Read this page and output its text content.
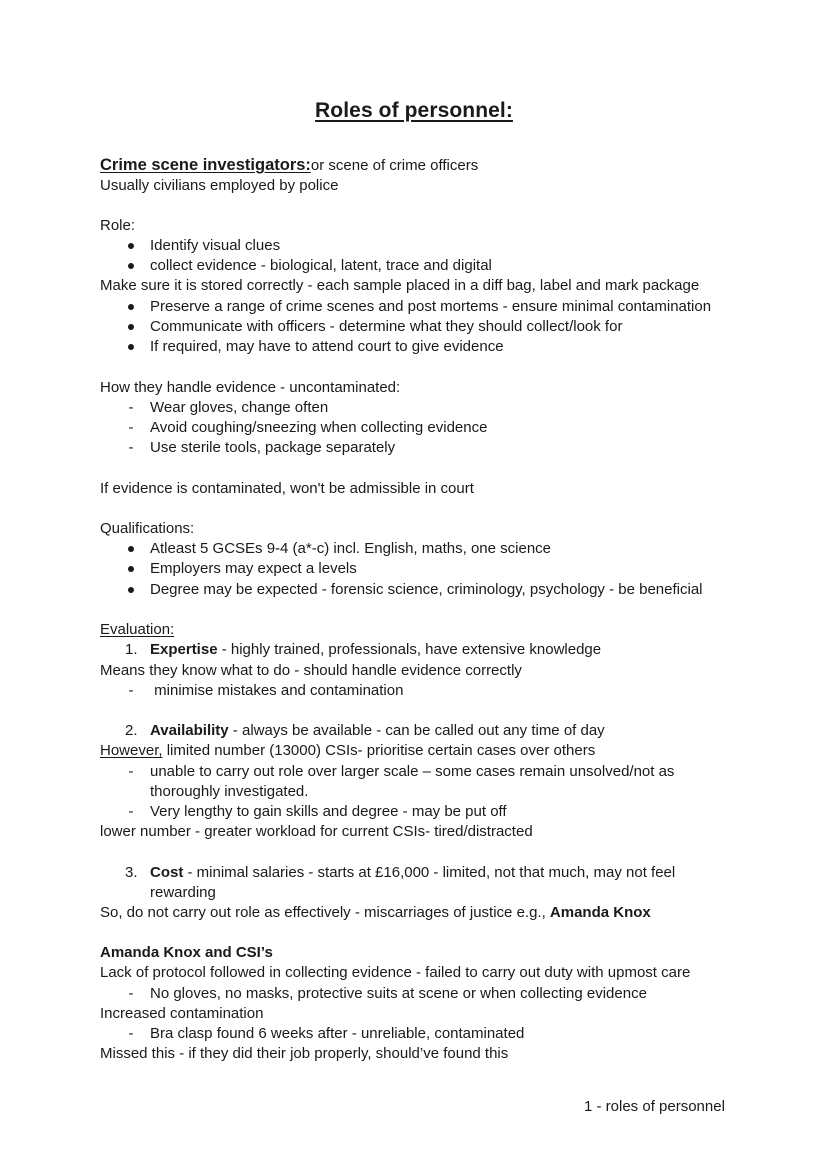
Roles of personnel:
Crime scene investigators:or scene of crime officers
Usually civilians employed by police
Role:
Identify visual clues
collect evidence - biological, latent, trace and digital
Make sure it is stored correctly - each sample placed in a diff bag, label and mark package
Preserve a range of crime scenes and post mortems - ensure minimal contamination
Communicate with officers - determine what they should collect/look for
If required, may have to attend court to give evidence
How they handle evidence - uncontaminated:
- Wear gloves, change often
- Avoid coughing/sneezing when collecting evidence
- Use sterile tools, package separately
If evidence is contaminated, won't be admissible in court
Qualifications:
Atleast 5 GCSEs 9-4 (a*-c) incl. English, maths, one science
Employers may expect a levels
Degree may be expected - forensic science, criminology, psychology - be beneficial
Evaluation:
1. Expertise - highly trained, professionals, have extensive knowledge
Means they know what to do - should handle evidence correctly
- minimise mistakes and contamination
2. Availability - always be available - can be called out any time of day
However, limited number (13000) CSIs- prioritise certain cases over others
- unable to carry out role over larger scale – some cases remain unsolved/not as
thoroughly investigated.
- Very lengthy to gain skills and degree - may be put off
lower number - greater workload for current CSIs- tired/distracted
3. Cost - minimal salaries - starts at £16,000 - limited, not that much, may not feel
rewarding
So, do not carry out role as effectively - miscarriages of justice e.g., Amanda Knox
Amanda Knox and CSI’s
Lack of protocol followed in collecting evidence - failed to carry out duty with upmost care
- No gloves, no masks, protective suits at scene or when collecting evidence
Increased contamination
- Bra clasp found 6 weeks after - unreliable, contaminated
Missed this - if they did their job properly, should’ve found this
1 - roles of personnel
